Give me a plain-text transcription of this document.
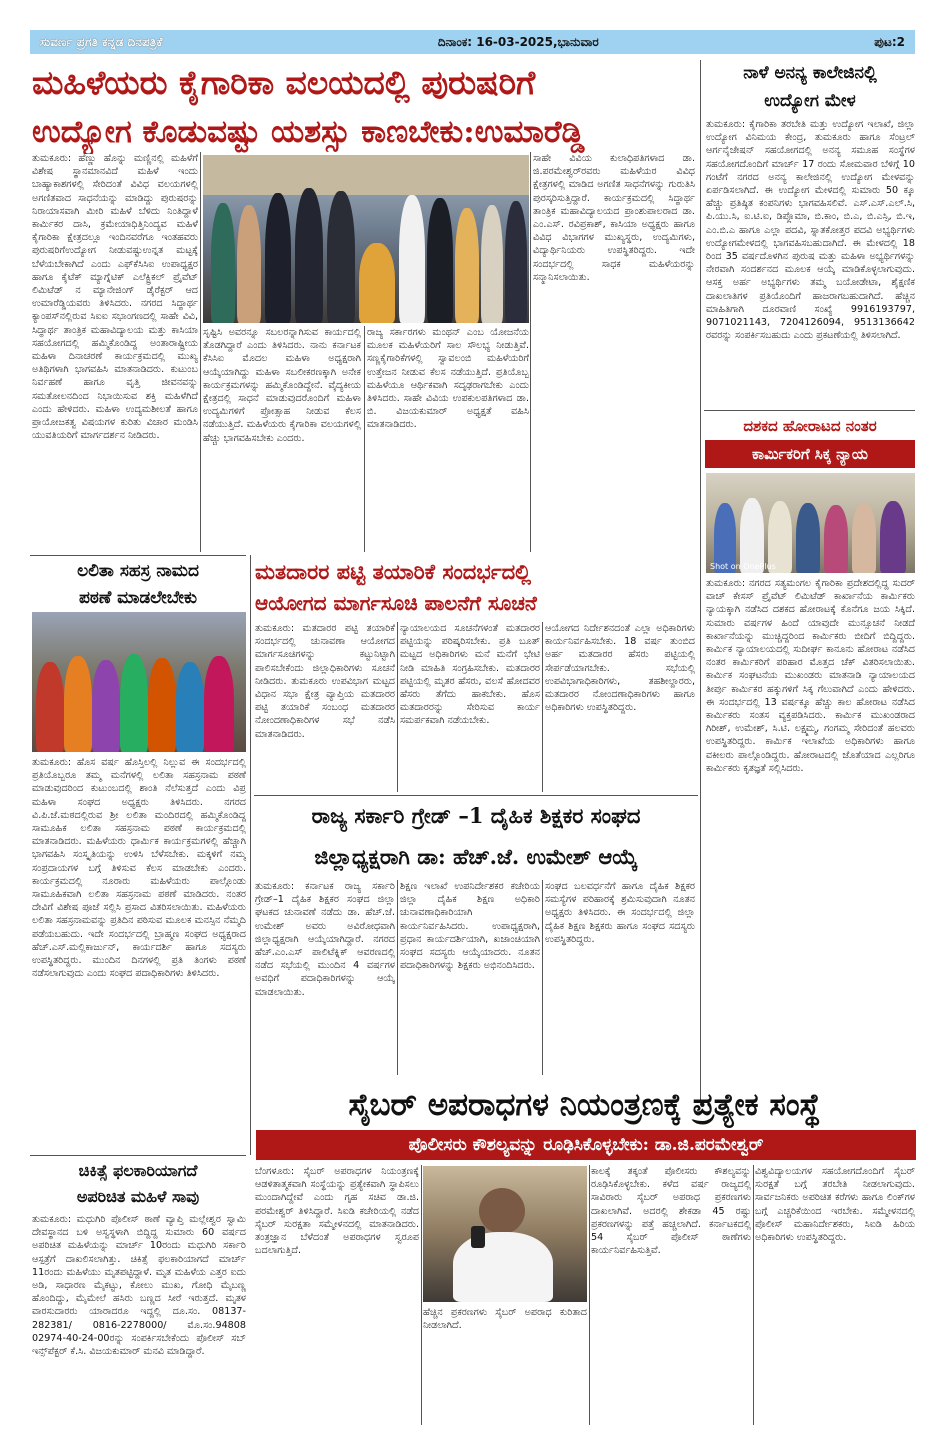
ಸುವರ್ಣ ಪ್ರಗತಿ ಕನ್ನಡ ದಿನಪತ್ರಿಕೆ	ದಿನಾಂಕ: 16-03-2025,ಭಾನುವಾರ	ಪುಟ:2
ಮಹಿಳೆಯರು ಕೈಗಾರಿಕಾ ವಲಯದಲ್ಲಿ ಪುರುಷರಿಗೆ
ಉದ್ಯೋಗ ಕೊಡುವಷ್ಟು ಯಶಸ್ಸು ಕಾಣಬೇಕು:ಉಮಾರೆಡ್ಡಿ
ತುಮಕೂರು: ಹೆಣ್ಣು ಹೊನ್ನು ಮಣ್ಣಿನಲ್ಲಿ ಮಹಿಳೆಗೆ ವಿಶೇಷ ಸ್ಥಾನಮಾನವಿದೆ ಮಹಿಳೆ ಇಂದು ಬಾಹ್ಯಾಕಾಶಗಳಲ್ಲಿ ಸೇರಿದಂತೆ ವಿವಿಧ ವಲಯಗಳಲ್ಲಿ ಅಗಣಿತವಾದ ಸಾಧನೆಯನ್ನು ಮಾಡಿದ್ದು ಪುರುಷರನ್ನು ನಿರಾಯಾಸವಾಗಿ ಮೀರಿ ಮಹಿಳೆ ಬೆಳಿದು ನಿಂತಿದ್ದಾಳೆ ಕಾರ್ಮಿಕರ ದಾಸಿ, ಕ್ರಮೇಯಾಧಿತ್ತಿನಿಂದ್ಯವ ಮಹಿಳೆ ಕೈಗಾರಿಕಾ ಕ್ಷೇತ್ರದಲ್ಲೂ ಇಂದಿನವರೆಗೂ ಇಂತಹವರು ಪುರುಷರಿಗೆಉದ್ಯೋಗ ನೀಡುವಷ್ಟುಉನ್ನತ ಮಟ್ಟಕ್ಕೆ ಬೆಳೆಯಬೇಕಾಗಿದೆ ಎಂದು ಎಫ್‌ಕೆಸಿಸಿಐ ಉಪಾಧ್ಯಕ್ಷರ ಹಾಗೂ ಕೈಟೆಕ್ ಮ್ಯಾಗ್ನೆಟಿಕ್ ಎಲೆಕ್ಟ್ರಿಕಲ್ ಪ್ರೈವೆಟ್ ಲಿಮಿಟೆಡ್ ನ ಮ್ಯಾನೇಜಿಂಗ್ ಡೈರೆಕ್ಟರ್ ಆದ ಉಮಾರೆಡ್ಡಿಯವರು ತಿಳಿಸಿದರು. ನಗರದ ಸಿದ್ಧಾರ್ಥ ಕ್ಯಾಂಪಸ್‌ನಲ್ಲಿರುವ ಸಿಐಐ ಸಭಾಂಗಣದಲ್ಲಿ ಸಾಹೇ ವಿವಿ, ಸಿದ್ಧಾರ್ಥ ತಾಂತ್ರಿಕ ಮಹಾವಿದ್ಯಾಲಯ ಮತ್ತು ಕಾಸಿಯಾ ಸಹಯೋಗದಲ್ಲಿ ಹಮ್ಮಿಕೊಂಡಿದ್ದ ಅಂತಾರಾಷ್ಟ್ರೀಯ ಮಹಿಳಾ ದಿನಾಚರಣೆ ಕಾರ್ಯಕ್ರಮದಲ್ಲಿ ಮುಖ್ಯ ಅತಿಥಿಗಳಾಗಿ ಭಾಗವಹಿಸಿ ಮಾತನಾಡಿದರು. ಕುಟುಂಬ ನಿರ್ವಹಣೆ ಹಾಗೂ ವೃತ್ತಿ ಜೀವನವನ್ನು ಸಮತೋಲನದಿಂದ ನಿಭಾಯಿಸುವ ಶಕ್ತಿ ಮಹಿಳೆಗಿದೆ ಎಂದು ಹೇಳಿದರು. ಮಹಿಳಾ ಉದ್ಯಮಶೀಲತೆ ಹಾಗೂ ಪ್ರಾಯೋಜಕತ್ವ ವಿಷಯಗಳ ಕುರಿತು ವಿಚಾರ ಮಂಡಿಸಿ ಯುವತಿಯರಿಗೆ ಮಾರ್ಗದರ್ಶನ ನೀಡಿದರು.
ಸೃಷ್ಟಿಸಿ ಅವರನ್ನೂ ಸಬಲರನ್ನಾಗಿಸುವ ಕಾರ್ಯದಲ್ಲಿ ತೊಡಗಿದ್ದಾರೆ ಎಂದು ತಿಳಿಸಿದರು. ನಾನು ಕರ್ನಾಟಕ ಕೆಸಿಸಿಐ ಮೊದಲ ಮಹಿಳಾ ಅಧ್ಯಕ್ಷರಾಗಿ ಆಯ್ಕೆಯಾಗಿದ್ದು ಮಹಿಳಾ ಸಬಲೀಕರಣಕ್ಕಾಗಿ ಅನೇಕ ಕಾರ್ಯಕ್ರಮಗಳನ್ನು ಹಮ್ಮಿಕೊಂಡಿದ್ದೇನೆ. ವೈದ್ಯಕೀಯ ಕ್ಷೇತ್ರದಲ್ಲಿ ಸಾಧನೆ ಮಾಡುವುದರೊಂದಿಗೆ ಮಹಿಳಾ ಉದ್ಯಮಿಗಳಿಗೆ ಪ್ರೋತ್ಸಾಹ ನೀಡುವ ಕೆಲಸ ನಡೆಯುತ್ತಿದೆ. ಮಹಿಳೆಯರು ಕೈಗಾರಿಕಾ ವಲಯಗಳಲ್ಲಿ ಹೆಚ್ಚು ಭಾಗವಹಿಸಬೇಕು ಎಂದರು.
ರಾಜ್ಯ ಸರ್ಕಾರಗಳು ಮಂಥನ್ ಎಂಬ ಯೋಜನೆಯ ಮೂಲಕ ಮಹಿಳೆಯರಿಗೆ ಸಾಲ ಸೌಲಭ್ಯ ನೀಡುತ್ತಿವೆ. ಸಣ್ಣಕೈಗಾರಿಕೆಗಳಲ್ಲಿ ಸ್ವಾವಲಂಬಿ ಮಹಿಳೆಯರಿಗೆ ಉತ್ತೇಜನ ನೀಡುವ ಕೆಲಸ ನಡೆಯುತ್ತಿದೆ. ಪ್ರತಿಯೊಬ್ಬ ಮಹಿಳೆಯೂ ಆರ್ಥಿಕವಾಗಿ ಸದೃಢರಾಗಬೇಕು ಎಂದು ತಿಳಿಸಿದರು. ಸಾಹೇ ವಿವಿಯ ಉಪಕುಲಪತಿಗಳಾದ ಡಾ. ಬಿ. ವಿಜಯಕುಮಾರ್ ಅಧ್ಯಕ್ಷತೆ ವಹಿಸಿ ಮಾತನಾಡಿದರು.
ಸಾಹೇ ವಿವಿಯ ಕುಲಾಧಿಪತಿಗಳಾದ ಡಾ. ಜಿ.ಪರಮೇಶ್ವರ್‌ರವರು ಮಹಿಳೆಯರ ವಿವಿಧ ಕ್ಷೇತ್ರಗಳಲ್ಲಿ ಮಾಡಿದ ಅಗಣಿತ ಸಾಧನೆಗಳನ್ನು ಗುರುತಿಸಿ ಪುರಸ್ಕರಿಸುತ್ತಿದ್ದಾರೆ. ಕಾರ್ಯಕ್ರಮದಲ್ಲಿ ಸಿದ್ಧಾರ್ಥ ತಾಂತ್ರಿಕ ಮಹಾವಿದ್ಯಾಲಯದ ಪ್ರಾಂಶುಪಾಲರಾದ ಡಾ. ಎಂ.ಎಸ್. ರವಿಪ್ರಕಾಶ್, ಕಾಸಿಯಾ ಅಧ್ಯಕ್ಷರು ಹಾಗೂ ವಿವಿಧ ವಿಭಾಗಗಳ ಮುಖ್ಯಸ್ಥರು, ಉದ್ಯಮಿಗಳು, ವಿದ್ಯಾರ್ಥಿನಿಯರು ಉಪಸ್ಥಿತರಿದ್ದರು. ಇದೇ ಸಂದರ್ಭದಲ್ಲಿ ಸಾಧಕ ಮಹಿಳೆಯರನ್ನು ಸನ್ಮಾನಿಸಲಾಯಿತು.
ನಾಳೆ ಅನನ್ಯ ಕಾಲೇಜಿನಲ್ಲಿ
ಉದ್ಯೋಗ ಮೇಳ
ತುಮಕೂರು: ಕೈಗಾರಿಕಾ ತರಬೇತಿ ಮತ್ತು ಉದ್ಯೋಗ ಇಲಾಖೆ, ಜಿಲ್ಲಾ ಉದ್ಯೋಗ ವಿನಿಮಯ ಕೇಂದ್ರ, ತುಮಕೂರು ಹಾಗೂ ಸೆಂಟ್ರಲ್ ಆರ್ಗನೈಜೇಷನ್ ಸಹಯೋಗದಲ್ಲಿ ಅನನ್ಯ ಸಮೂಹ ಸಂಸ್ಥೆಗಳ ಸಹಯೋಗದೊಂದಿಗೆ ಮಾರ್ಚ್ 17 ರಂದು ಸೋಮವಾರ ಬೆಳಿಗ್ಗೆ 10 ಗಂಟೆಗೆ ನಗರದ ಅನನ್ಯ ಕಾಲೇಜಿನಲ್ಲಿ ಉದ್ಯೋಗ ಮೇಳವನ್ನು ಏರ್ಪಡಿಸಲಾಗಿದೆ. ಈ ಉದ್ಯೋಗ ಮೇಳದಲ್ಲಿ ಸುಮಾರು 50 ಕ್ಕೂ ಹೆಚ್ಚು ಪ್ರತಿಷ್ಠಿತ ಕಂಪನಿಗಳು ಭಾಗವಹಿಸಲಿವೆ. ಎಸ್.ಎಸ್.ಎಲ್.ಸಿ, ಪಿ.ಯು.ಸಿ, ಐ.ಟಿ.ಐ, ಡಿಪ್ಲೊಮಾ, ಬಿ.ಕಾಂ, ಬಿ.ಎ, ಬಿ.ಎಸ್ಸಿ, ಬಿ.ಇ, ಎಂ.ಬಿ.ಎ ಹಾಗೂ ಎಲ್ಲಾ ಪದವಿ, ಸ್ನಾತಕೋತ್ತರ ಪದವಿ ಅಭ್ಯರ್ಥಿಗಳು ಉದ್ಯೋಗಮೇಳದಲ್ಲಿ ಭಾಗವಹಿಸಬಹುದಾಗಿದೆ. ಈ ಮೇಳದಲ್ಲಿ 18 ರಿಂದ 35 ವರ್ಷದೊಳಗಿನ ಪುರುಷ ಮತ್ತು ಮಹಿಳಾ ಅಭ್ಯರ್ಥಿಗಳನ್ನು ನೇರವಾಗಿ ಸಂದರ್ಶನದ ಮೂಲಕ ಆಯ್ಕೆ ಮಾಡಿಕೊಳ್ಳಲಾಗುವುದು. ಆಸಕ್ತ ಅರ್ಹ ಅಭ್ಯರ್ಥಿಗಳು ತಮ್ಮ ಬಯೋಡೇಟಾ, ಶೈಕ್ಷಣಿಕ ದಾಖಲಾತಿಗಳ ಪ್ರತಿಯೊಂದಿಗೆ ಹಾಜರಾಗಬಹುದಾಗಿದೆ. ಹೆಚ್ಚಿನ ಮಾಹಿತಿಗಾಗಿ ದೂರವಾಣಿ ಸಂಖ್ಯೆ 9916193797, 9071021143, 7204126094, 9513136642 ರವರನ್ನು ಸಂಪರ್ಕಿಸಬಹುದು ಎಂದು ಪ್ರಕಟಣೆಯಲ್ಲಿ ತಿಳಿಸಲಾಗಿದೆ.
ದಶಕದ ಹೋರಾಟದ ನಂತರ
ಕಾರ್ಮಿಕರಿಗೆ ಸಿಕ್ಕ ನ್ಯಾಯ
Shot on OnePlus
ತುಮಕೂರು: ನಗರದ ಸತ್ಯಮಂಗಲ ಕೈಗಾರಿಕಾ ಪ್ರದೇಶದಲ್ಲಿದ್ದ ಸುದರ್ ವಾಚ್ ಕೇಸಸ್ ಪ್ರೈವೆಟ್ ಲಿಮಿಟೆಡ್ ಕಾರ್ಖಾನೆಯ ಕಾರ್ಮಿಕರು ನ್ಯಾಯಕ್ಕಾಗಿ ನಡೆಸಿದ ದಶಕದ ಹೋರಾಟಕ್ಕೆ ಕೊನೆಗೂ ಜಯ ಸಿಕ್ಕಿದೆ. ಸುಮಾರು ವರ್ಷಗಳ ಹಿಂದೆ ಯಾವುದೇ ಮುನ್ಸೂಚನೆ ನೀಡದೆ ಕಾರ್ಖಾನೆಯನ್ನು ಮುಚ್ಚಿದ್ದರಿಂದ ಕಾರ್ಮಿಕರು ಬೀದಿಗೆ ಬಿದ್ದಿದ್ದರು. ಕಾರ್ಮಿಕ ನ್ಯಾಯಾಲಯದಲ್ಲಿ ಸುದೀರ್ಘ ಕಾನೂನು ಹೋರಾಟ ನಡೆಸಿದ ನಂತರ ಕಾರ್ಮಿಕರಿಗೆ ಪರಿಹಾರ ಮೊತ್ತದ ಚೆಕ್ ವಿತರಿಸಲಾಯಿತು. ಕಾರ್ಮಿಕ ಸಂಘಟನೆಯ ಮುಖಂಡರು ಮಾತನಾಡಿ ನ್ಯಾಯಾಲಯದ ತೀರ್ಪು ಕಾರ್ಮಿಕರ ಹಕ್ಕುಗಳಿಗೆ ಸಿಕ್ಕ ಗೆಲುವಾಗಿದೆ ಎಂದು ಹೇಳಿದರು. ಈ ಸಂದರ್ಭದಲ್ಲಿ 13 ವರ್ಷಕ್ಕೂ ಹೆಚ್ಚು ಕಾಲ ಹೋರಾಟ ನಡೆಸಿದ ಕಾರ್ಮಿಕರು ಸಂತಸ ವ್ಯಕ್ತಪಡಿಸಿದರು. ಕಾರ್ಮಿಕ ಮುಖಂಡರಾದ ಗಿರೀಶ್, ಉಮೇಶ್, ಸಿ.ಟಿ. ಲಕ್ಷ್ಮಮ್ಮ, ಗಂಗಮ್ಮ ಸೇರಿದಂತೆ ಹಲವರು ಉಪಸ್ಥಿತರಿದ್ದರು. ಕಾರ್ಮಿಕ ಇಲಾಖೆಯ ಅಧಿಕಾರಿಗಳು ಹಾಗೂ ವಕೀಲರು ಪಾಲ್ಗೊಂಡಿದ್ದರು. ಹೋರಾಟದಲ್ಲಿ ಜೊತೆಯಾದ ಎಲ್ಲರಿಗೂ ಕಾರ್ಮಿಕರು ಕೃತಜ್ಞತೆ ಸಲ್ಲಿಸಿದರು.
ಲಲಿತಾ ಸಹಸ್ರ ನಾಮದ
ಪಠಣೆ ಮಾಡಲೇಬೇಕು
ತುಮಕೂರು: ಹೊಸ ವರ್ಷ ಹೊಸ್ತಿಲಲ್ಲಿ ನಿಲ್ಲುವ ಈ ಸಂದರ್ಭದಲ್ಲಿ ಪ್ರತಿಯೊಬ್ಬರೂ ತಮ್ಮ ಮನೆಗಳಲ್ಲಿ ಲಲಿತಾ ಸಹಸ್ರನಾಮ ಪಠಣೆ ಮಾಡುವುದರಿಂದ ಕುಟುಂಬದಲ್ಲಿ ಶಾಂತಿ ನೆಲೆಸುತ್ತದೆ ಎಂದು ವಿಪ್ರ ಮಹಿಳಾ ಸಂಘದ ಅಧ್ಯಕ್ಷರು ತಿಳಿಸಿದರು. ನಗರದ ವಿ.ಪಿ.ಜೆ.ಮಠದಲ್ಲಿರುವ ಶ್ರೀ ಲಲಿತಾ ಮಂದಿರದಲ್ಲಿ ಹಮ್ಮಿಕೊಂಡಿದ್ದ ಸಾಮೂಹಿಕ ಲಲಿತಾ ಸಹಸ್ರನಾಮ ಪಠಣೆ ಕಾರ್ಯಕ್ರಮದಲ್ಲಿ ಮಾತನಾಡಿದರು. ಮಹಿಳೆಯರು ಧಾರ್ಮಿಕ ಕಾರ್ಯಕ್ರಮಗಳಲ್ಲಿ ಹೆಚ್ಚಾಗಿ ಭಾಗವಹಿಸಿ ಸಂಸ್ಕೃತಿಯನ್ನು ಉಳಿಸಿ ಬೆಳೆಸಬೇಕು. ಮಕ್ಕಳಿಗೆ ನಮ್ಮ ಸಂಪ್ರದಾಯಗಳ ಬಗ್ಗೆ ತಿಳಿಸುವ ಕೆಲಸ ಮಾಡಬೇಕು ಎಂದರು. ಕಾರ್ಯಕ್ರಮದಲ್ಲಿ ನೂರಾರು ಮಹಿಳೆಯರು ಪಾಲ್ಗೊಂಡು ಸಾಮೂಹಿಕವಾಗಿ ಲಲಿತಾ ಸಹಸ್ರನಾಮ ಪಠಣೆ ಮಾಡಿದರು. ನಂತರ ದೇವಿಗೆ ವಿಶೇಷ ಪೂಜೆ ಸಲ್ಲಿಸಿ ಪ್ರಸಾದ ವಿತರಿಸಲಾಯಿತು. ಮಹಿಳೆಯರು ಲಲಿತಾ ಸಹಸ್ರನಾಮವನ್ನು ಪ್ರತಿದಿನ ಪಠಿಸುವ ಮೂಲಕ ಮನಸ್ಸಿನ ನೆಮ್ಮದಿ ಪಡೆಯಬಹುದು. ಇದೇ ಸಂದರ್ಭದಲ್ಲಿ ಬ್ರಾಹ್ಮಣ ಸಂಘದ ಅಧ್ಯಕ್ಷರಾದ ಹೆಚ್.ಎಸ್.ಮಲ್ಲಿಕಾರ್ಜುನ್, ಕಾರ್ಯದರ್ಶಿ ಹಾಗೂ ಸದಸ್ಯರು ಉಪಸ್ಥಿತರಿದ್ದರು. ಮುಂದಿನ ದಿನಗಳಲ್ಲಿ ಪ್ರತಿ ತಿಂಗಳು ಪಠಣೆ ನಡೆಸಲಾಗುವುದು ಎಂದು ಸಂಘದ ಪದಾಧಿಕಾರಿಗಳು ತಿಳಿಸಿದರು.
ಮತದಾರರ ಪಟ್ಟಿ ತಯಾರಿಕೆ ಸಂದರ್ಭದಲ್ಲಿ
ಆಯೋಗದ ಮಾರ್ಗಸೂಚಿ ಪಾಲನೆಗೆ ಸೂಚನೆ
ತುಮಕೂರು: ಮತದಾರರ ಪಟ್ಟಿ ತಯಾರಿಕೆ ಸಂದರ್ಭದಲ್ಲಿ ಚುನಾವಣಾ ಆಯೋಗದ ಮಾರ್ಗಸೂಚಿಗಳನ್ನು ಕಟ್ಟುನಿಟ್ಟಾಗಿ ಪಾಲಿಸಬೇಕೆಂದು ಜಿಲ್ಲಾಧಿಕಾರಿಗಳು ಸೂಚನೆ ನೀಡಿದರು. ತುಮಕೂರು ಉಪವಿಭಾಗ ಮಟ್ಟದ ವಿಧಾನ ಸಭಾ ಕ್ಷೇತ್ರ ವ್ಯಾಪ್ತಿಯ ಮತದಾರರ ಪಟ್ಟಿ ತಯಾರಿಕೆ ಸಂಬಂಧ ಮತದಾರರ ನೋಂದಣಾಧಿಕಾರಿಗಳ ಸಭೆ ನಡೆಸಿ ಮಾತನಾಡಿದರು.
ನ್ಯಾಯಾಲಯದ ಸೂಚನೆಗಳಂತೆ ಮತದಾರರ ಪಟ್ಟಿಯನ್ನು ಪರಿಷ್ಕರಿಸಬೇಕು. ಪ್ರತಿ ಬೂತ್ ಮಟ್ಟದ ಅಧಿಕಾರಿಗಳು ಮನೆ ಮನೆಗೆ ಭೇಟಿ ನೀಡಿ ಮಾಹಿತಿ ಸಂಗ್ರಹಿಸಬೇಕು. ಮತದಾರರ ಪಟ್ಟಿಯಲ್ಲಿ ಮೃತರ ಹೆಸರು, ವಲಸೆ ಹೋದವರ ಹೆಸರು ತೆಗೆದು ಹಾಕಬೇಕು. ಹೊಸ ಮತದಾರರನ್ನು ಸೇರಿಸುವ ಕಾರ್ಯ ಸಮರ್ಪಕವಾಗಿ ನಡೆಯಬೇಕು.
ಆಯೋಗದ ನಿರ್ದೇಶನದಂತೆ ಎಲ್ಲಾ ಅಧಿಕಾರಿಗಳು ಕಾರ್ಯನಿರ್ವಹಿಸಬೇಕು. 18 ವರ್ಷ ತುಂಬಿದ ಅರ್ಹ ಮತದಾರರ ಹೆಸರು ಪಟ್ಟಿಯಲ್ಲಿ ಸೇರ್ಪಡೆಯಾಗಬೇಕು. ಸಭೆಯಲ್ಲಿ ಉಪವಿಭಾಗಾಧಿಕಾರಿಗಳು, ತಹಶೀಲ್ದಾರರು, ಮತದಾರರ ನೋಂದಣಾಧಿಕಾರಿಗಳು ಹಾಗೂ ಅಧಿಕಾರಿಗಳು ಉಪಸ್ಥಿತರಿದ್ದರು.
ರಾಜ್ಯ ಸರ್ಕಾರಿ ಗ್ರೇಡ್ –1 ದೈಹಿಕ ಶಿಕ್ಷಕರ ಸಂಘದ
ಜಿಲ್ಲಾಧ್ಯಕ್ಷರಾಗಿ ಡಾ: ಹೆಚ್.ಜೆ. ಉಮೇಶ್ ಆಯ್ಕೆ
ತುಮಕೂರು: ಕರ್ನಾಟಕ ರಾಜ್ಯ ಸರ್ಕಾರಿ ಗ್ರೇಡ್–1 ದೈಹಿಕ ಶಿಕ್ಷಕರ ಸಂಘದ ಜಿಲ್ಲಾ ಘಟಕದ ಚುನಾವಣೆ ನಡೆದು ಡಾ. ಹೆಚ್.ಜೆ. ಉಮೇಶ್ ಅವರು ಅವಿರೋಧವಾಗಿ ಜಿಲ್ಲಾಧ್ಯಕ್ಷರಾಗಿ ಆಯ್ಕೆಯಾಗಿದ್ದಾರೆ. ನಗರದ ಹೆಚ್.ಎಂ.ಎಸ್ ಪಾಲಿಟೆಕ್ನಿಕ್ ಆವರಣದಲ್ಲಿ ನಡೆದ ಸಭೆಯಲ್ಲಿ ಮುಂದಿನ 4 ವರ್ಷಗಳ ಅವಧಿಗೆ ಪದಾಧಿಕಾರಿಗಳನ್ನು ಆಯ್ಕೆ ಮಾಡಲಾಯಿತು.
ಶಿಕ್ಷಣ ಇಲಾಖೆ ಉಪನಿರ್ದೇಶಕರ ಕಚೇರಿಯ ಜಿಲ್ಲಾ ದೈಹಿಕ ಶಿಕ್ಷಣ ಅಧಿಕಾರಿ ಚುನಾವಣಾಧಿಕಾರಿಯಾಗಿ ಕಾರ್ಯನಿರ್ವಹಿಸಿದರು. ಉಪಾಧ್ಯಕ್ಷರಾಗಿ, ಪ್ರಧಾನ ಕಾರ್ಯದರ್ಶಿಯಾಗಿ, ಖಜಾಂಚಿಯಾಗಿ ಸಂಘದ ಸದಸ್ಯರು ಆಯ್ಕೆಯಾದರು. ನೂತನ ಪದಾಧಿಕಾರಿಗಳನ್ನು ಶಿಕ್ಷಕರು ಅಭಿನಂದಿಸಿದರು.
ಸಂಘದ ಬಲವರ್ಧನೆಗೆ ಹಾಗೂ ದೈಹಿಕ ಶಿಕ್ಷಕರ ಸಮಸ್ಯೆಗಳ ಪರಿಹಾರಕ್ಕೆ ಶ್ರಮಿಸುವುದಾಗಿ ನೂತನ ಅಧ್ಯಕ್ಷರು ತಿಳಿಸಿದರು. ಈ ಸಂದರ್ಭದಲ್ಲಿ ಜಿಲ್ಲಾ ದೈಹಿಕ ಶಿಕ್ಷಣ ಶಿಕ್ಷಕರು ಹಾಗೂ ಸಂಘದ ಸದಸ್ಯರು ಉಪಸ್ಥಿತರಿದ್ದರು.
ಸೈಬರ್ ಅಪರಾಧಗಳ ನಿಯಂತ್ರಣಕ್ಕೆ ಪ್ರತ್ಯೇಕ ಸಂಸ್ಥೆ
ಪೊಲೀಸರು ಕೌಶಲ್ಯವನ್ನು ರೂಢಿಸಿಕೊಳ್ಳಬೇಕು: ಡಾ.ಜಿ.ಪರಮೇಶ್ವರ್
ಬೆಂಗಳೂರು: ಸೈಬರ್ ಅಪರಾಧಗಳ ನಿಯಂತ್ರಣಕ್ಕೆ ಆಡಳಿತಾತ್ಮಕವಾಗಿ ಸಂಸ್ಥೆಯನ್ನು ಪ್ರತ್ಯೇಕವಾಗಿ ಸ್ಥಾಪಿಸಲು ಮುಂದಾಗಿದ್ದೇವೆ ಎಂದು ಗೃಹ ಸಚಿವ ಡಾ.ಜಿ. ಪರಮೇಶ್ವರ್ ತಿಳಿಸಿದ್ದಾರೆ. ಸಿಐಡಿ ಕಚೇರಿಯಲ್ಲಿ ನಡೆದ ಸೈಬರ್ ಸುರಕ್ಷತಾ ಸಮ್ಮೇಳನದಲ್ಲಿ ಮಾತನಾಡಿದರು. ತಂತ್ರಜ್ಞಾನ ಬೆಳೆದಂತೆ ಅಪರಾಧಗಳ ಸ್ವರೂಪ ಬದಲಾಗುತ್ತಿದೆ.
ಹೆಚ್ಚಿನ ಪ್ರಕರಣಗಳು ಸೈಬರ್ ಅಪರಾಧ ಕುರಿತಾದ ನೀಡಲಾಗಿದೆ.
ಕಾಲಕ್ಕೆ ತಕ್ಕಂತೆ ಪೊಲೀಸರು ಕೌಶಲ್ಯವನ್ನು ರೂಢಿಸಿಕೊಳ್ಳಬೇಕು. ಕಳೆದ ವರ್ಷ ರಾಜ್ಯದಲ್ಲಿ ಸಾವಿರಾರು ಸೈಬರ್ ಅಪರಾಧ ಪ್ರಕರಣಗಳು ದಾಖಲಾಗಿವೆ. ಅದರಲ್ಲಿ ಶೇಕಡಾ 45 ರಷ್ಟು ಪ್ರಕರಣಗಳನ್ನು ಪತ್ತೆ ಹಚ್ಚಲಾಗಿದೆ. ಕರ್ನಾಟಕದಲ್ಲಿ 54 ಸೈಬರ್ ಪೊಲೀಸ್ ಠಾಣೆಗಳು ಕಾರ್ಯನಿರ್ವಹಿಸುತ್ತಿವೆ.
ವಿಶ್ವವಿದ್ಯಾಲಯಗಳ ಸಹಯೋಗದೊಂದಿಗೆ ಸೈಬರ್ ಸುರಕ್ಷತೆ ಬಗ್ಗೆ ತರಬೇತಿ ನೀಡಲಾಗುವುದು. ಸಾರ್ವಜನಿಕರು ಅಪರಿಚಿತ ಕರೆಗಳು ಹಾಗೂ ಲಿಂಕ್‌ಗಳ ಬಗ್ಗೆ ಎಚ್ಚರಿಕೆಯಿಂದ ಇರಬೇಕು. ಸಮ್ಮೇಳನದಲ್ಲಿ ಪೊಲೀಸ್ ಮಹಾನಿರ್ದೇಶಕರು, ಸಿಐಡಿ ಹಿರಿಯ ಅಧಿಕಾರಿಗಳು ಉಪಸ್ಥಿತರಿದ್ದರು.
ಚಿಕಿತ್ಸೆ ಫಲಕಾರಿಯಾಗದೆ
ಅಪರಿಚಿತ ಮಹಿಳೆ ಸಾವು
ತುಮಕೂರು: ಮಧುಗಿರಿ ಪೊಲೀಸ್ ಠಾಣೆ ವ್ಯಾಪ್ತಿ ಮಲ್ಲೇಶ್ವರ ಸ್ವಾಮಿ ದೇವಸ್ಥಾನದ ಬಳಿ ಅಸ್ವಸ್ಥಳಾಗಿ ಬಿದ್ದಿದ್ದ ಸುಮಾರು 60 ವರ್ಷದ ಅಪರಿಚಿತ ಮಹಿಳೆಯನ್ನು ಮಾರ್ಚ್ 10ರಂದು ಮಧುಗಿರಿ ಸರ್ಕಾರಿ ಆಸ್ಪತ್ರೆಗೆ ದಾಖಲಿಸಲಾಗಿತ್ತು. ಚಿಕಿತ್ಸೆ ಫಲಕಾರಿಯಾಗದೆ ಮಾರ್ಚ್ 11ರಂದು ಮಹಿಳೆಯು ಮೃತಪಟ್ಟಿದ್ದಾಳೆ. ಮೃತ ಮಹಿಳೆಯ ಎತ್ತರ ಐದು ಅಡಿ, ಸಾಧಾರಣ ಮೈಕಟ್ಟು, ಕೋಲು ಮುಖ, ಗೋಧಿ ಮೈಬಣ್ಣ ಹೊಂದಿದ್ದು, ಮೈಮೇಲೆ ಹಸಿರು ಬಣ್ಣದ ಸೀರೆ ಇರುತ್ತದೆ. ಮೃತಳ ವಾರಸುದಾರರು ಯಾರಾದರೂ ಇದ್ದಲ್ಲಿ ದೂ.ಸಂ. 08137-282381/ 0816-2278000/ ಮೊ.ಸಂ.94808 02974-40-24-00ರನ್ನು ಸಂಪರ್ಕಿಸಬೇಕೆಂದು ಪೊಲೀಸ್ ಸಬ್ ಇನ್ಸ್‌ಪೆಕ್ಟರ್ ಕೆ.ಸಿ. ವಿಜಯಕುಮಾರ್ ಮನವಿ ಮಾಡಿದ್ದಾರೆ.
